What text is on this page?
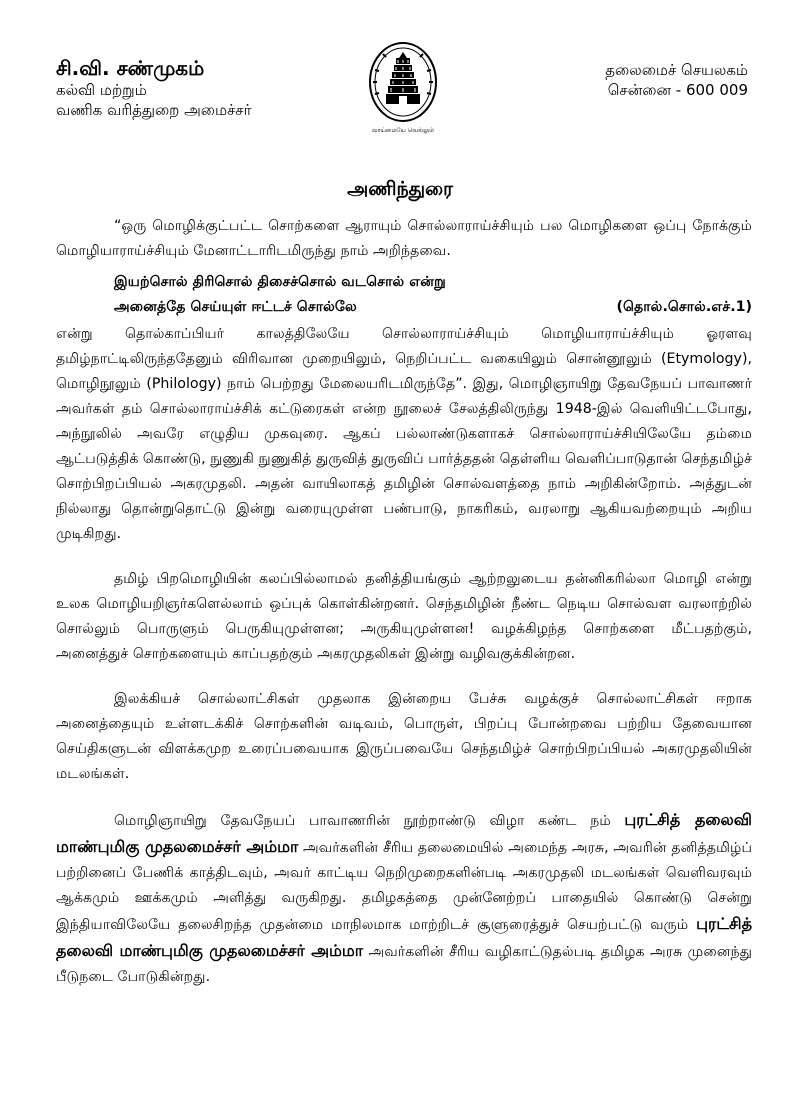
சி.வி. சண்முகம்
கல்வி மற்றும்
வணிக வரித்துறை அமைச்சர்
வாய்மையே வெல்லும்
தலைமைச் செயலகம்
சென்னை - 600 009
அணிந்துரை

“ஒரு மொழிக்குட்பட்ட சொற்களை ஆராயும் சொல்லாராய்ச்சியும் பல மொழிகளை ஒப்பு நோக்கும் மொழியாராய்ச்சியும் மேனாட்டாரிடமிருந்து நாம் அறிந்தவை.

இயற்சொல் திரிசொல் திசைச்சொல் வடசொல் என்று
அனைத்தே செய்யுள் ஈட்டச் சொல்லே	(தொல்.சொல்.எச்.1)

என்று தொல்காப்பியர் காலத்திலேயே சொல்லாராய்ச்சியும் மொழியாராய்ச்சியும் ஓரளவு தமிழ்நாட்டிலிருந்ததேனும் விரிவான முறையிலும், நெறிப்பட்ட வகையிலும் சொன்னூலும் (Etymology), மொழிநூலும் (Philology) நாம் பெற்றது மேலையரிடமிருந்தே”. இது, மொழிஞாயிறு தேவநேயப் பாவாணர் அவர்கள் தம் சொல்லாராய்ச்சிக் கட்டுரைகள் என்ற நூலைச் சேலத்திலிருந்து 1948-இல் வெளியிட்டபோது, அந்நூலில் அவரே எழுதிய முகவுரை. ஆகப் பல்லாண்டுகளாகச் சொல்லாராய்ச்சியிலேயே தம்மை ஆட்படுத்திக் கொண்டு, நுணுகி நுணுகித் துருவித் துருவிப் பார்த்ததன் தெள்ளிய வெளிப்பாடுதான் செந்தமிழ்ச் சொற்பிறப்பியல் அகரமுதலி. அதன் வாயிலாகத் தமிழின் சொல்வளத்தை நாம் அறிகின்றோம். அத்துடன் நில்லாது தொன்றுதொட்டு இன்று வரையுமுள்ள பண்பாடு, நாகரிகம், வரலாறு ஆகியவற்றையும் அறிய முடிகிறது.

தமிழ் பிறமொழியின் கலப்பில்லாமல் தனித்தியங்கும் ஆற்றலுடைய தன்னிகரில்லா மொழி என்று உலக மொழியறிஞர்களெல்லாம் ஒப்புக் கொள்கின்றனர். செந்தமிழின் நீண்ட நெடிய சொல்வள வரலாற்றில் சொல்லும் பொருளும் பெருகியுமுள்ளன; அருகியுமுள்ளன! வழக்கிழந்த சொற்களை மீட்பதற்கும், அனைத்துச் சொற்களையும் காப்பதற்கும் அகரமுதலிகள் இன்று வழிவகுக்கின்றன.

இலக்கியச் சொல்லாட்சிகள் முதலாக இன்றைய பேச்சு வழக்குச் சொல்லாட்சிகள் ஈறாக அனைத்தையும் உள்ளடக்கிச் சொற்களின் வடிவம், பொருள், பிறப்பு போன்றவை பற்றிய தேவையான செய்திகளுடன் விளக்கமுற உரைப்பவையாக இருப்பவையே செந்தமிழ்ச் சொற்பிறப்பியல் அகரமுதலியின் மடலங்கள்.

மொழிஞாயிறு தேவநேயப் பாவாணரின் நூற்றாண்டு விழா கண்ட நம் புரட்சித் தலைவி மாண்புமிகு முதலமைச்சர் அம்மா அவர்களின் சீரிய தலைமையில் அமைந்த அரசு, அவரின் தனித்தமிழ்ப் பற்றினைப் பேணிக் காத்திடவும், அவர் காட்டிய நெறிமுறைகளின்படி அகரமுதலி மடலங்கள் வெளிவரவும் ஆக்கமும் ஊக்கமும் அளித்து வருகிறது. தமிழகத்தை முன்னேற்றப் பாதையில் கொண்டு சென்று இந்தியாவிலேயே தலைசிறந்த முதன்மை மாநிலமாக மாற்றிடச் சூளுரைத்துச் செயற்பட்டு வரும் புரட்சித் தலைவி மாண்புமிகு முதலமைச்சர் அம்மா அவர்களின் சீரிய வழிகாட்டுதல்படி தமிழக அரசு முனைந்து பீடுநடை போடுகின்றது.
